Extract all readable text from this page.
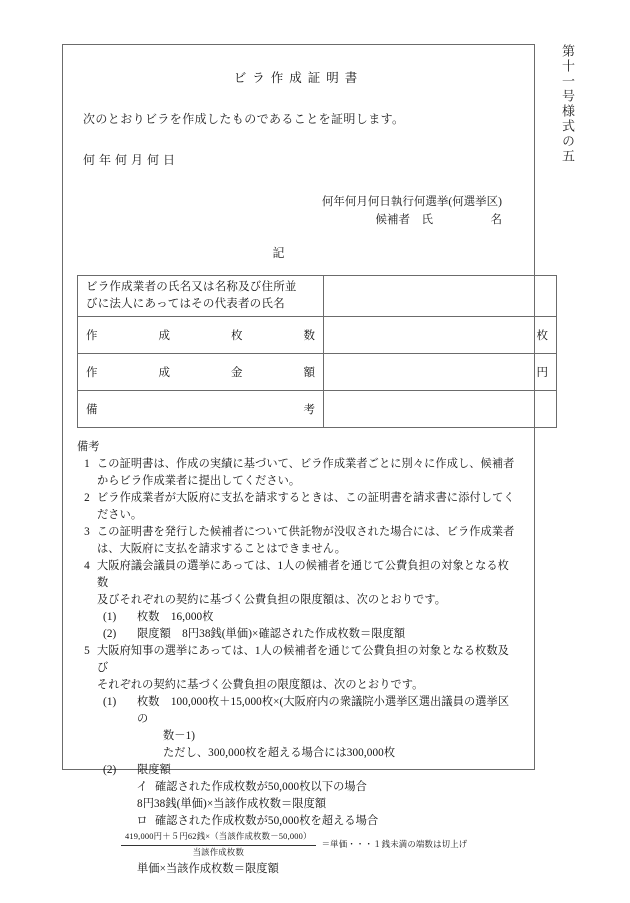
第十一号様式の五
ビラ作成証明書
次のとおりビラを作成したものであることを証明します。
何年何月何日
何年何月何日執行何選挙(何選挙区)
候補者　氏　　　　　名
記
ビラ作成業者の氏名又は名称及び住所並
びに法人にあってはその代表者の氏名	

作 成 枚 数	枚

作 成 金 額	円

備 考	

備考
1 この証明書は、作成の実績に基づいて、ビラ作成業者ごとに別々に作成し、候補者
からビラ作成業者に提出してください。
2 ビラ作成業者が大阪府に支払を請求するときは、この証明書を請求書に添付してく
ださい。
3 この証明書を発行した候補者について供託物が没収された場合には、ビラ作成業者
は、大阪府に支払を請求することはできません。
4 大阪府議会議員の選挙にあっては、1人の候補者を通じて公費負担の対象となる枚数
及びそれぞれの契約に基づく公費負担の限度額は、次のとおりです。
(1)	枚数　16,000枚
(2)	限度額　8円38銭(単価)×確認された作成枚数＝限度額
5 大阪府知事の選挙にあっては、1人の候補者を通じて公費負担の対象となる枚数及び
それぞれの契約に基づく公費負担の限度額は、次のとおりです。
(1)	枚数　100,000枚＋15,000枚×(大阪府内の衆議院小選挙区選出議員の選挙区の
数－1)
ただし、300,000枚を超える場合には300,000枚
(2)	限度額
イ 確認された作成枚数が50,000枚以下の場合
8円38銭(単価)×当該作成枚数＝限度額
ロ 確認された作成枚数が50,000枚を超える場合
$\frac{\text{419,000円＋５円62銭×（当該作成枚数－50,000）}}{\text{当該作成枚数}}$ ＝単価・・・１銭未満の端数は切上げ
単価×当該作成枚数＝限度額
